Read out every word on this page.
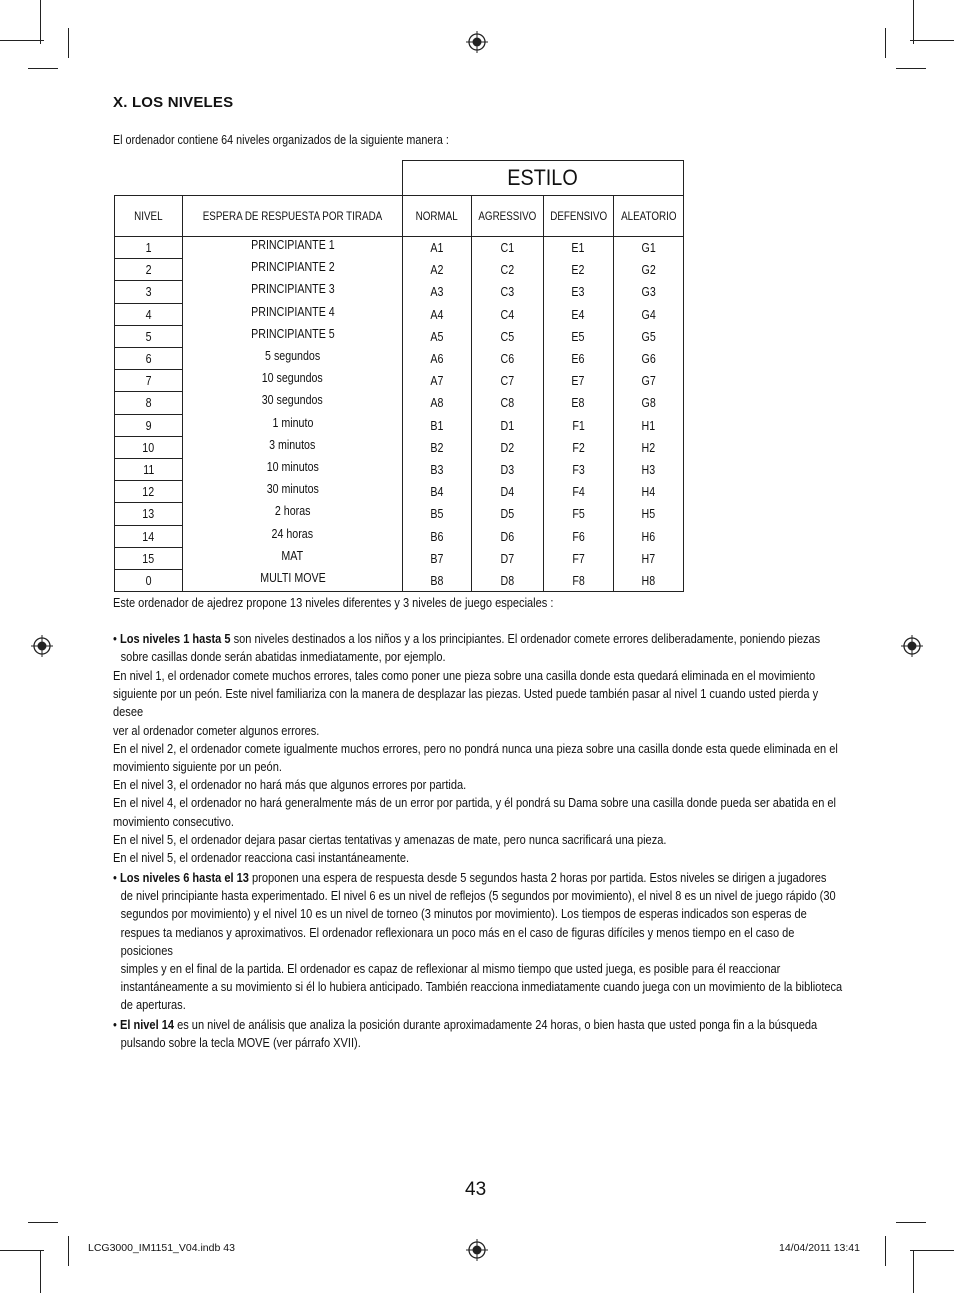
X. LOS NIVELES
El ordenador contiene 64 niveles organizados de la siguiente manera :
		ESTILO			
NIVEL	ESPERA DE RESPUESTA POR TIRADA	NORMAL	AGRESSIVO	DEFENSIVO	ALEATORIO
1	PRINCIPIANTE 1	A1	C1	E1	G1
2	PRINCIPIANTE 2	A2	C2	E2	G2
3	PRINCIPIANTE 3	A3	C3	E3	G3
4	PRINCIPIANTE 4	A4	C4	E4	G4
5	PRINCIPIANTE 5	A5	C5	E5	G5
6	5 segundos	A6	C6	E6	G6
7	10 segundos	A7	C7	E7	G7
8	30 segundos	A8	C8	E8	G8
9	1 minuto	B1	D1	F1	H1
10	3 minutos	B2	D2	F2	H2
11	10 minutos	B3	D3	F3	H3
12	30 minutos	B4	D4	F4	H4
13	2 horas	B5	D5	F5	H5
14	24 horas	B6	D6	F6	H6
15	MAT	B7	D7	F7	H7
0	MULTI MOVE	B8	D8	F8	H8
Este ordenador de ajedrez propone 13 niveles diferentes y 3 niveles de juego especiales :
• Los niveles 1 hasta 5 son niveles destinados a los niños y a los principiantes. El ordenador comete errores deliberadamente, poniendo piezas
sobre casillas donde serán abatidas inmediatamente, por ejemplo.
En nivel 1, el ordenador comete muchos errores, tales como poner une pieza sobre una casilla donde esta quedará eliminada en el movimiento
siguiente por un peón. Este nivel familiariza con la manera de desplazar las piezas. Usted puede también pasar al nivel 1 cuando usted pierda y desee
ver al ordenador cometer algunos errores.
En el nivel 2, el ordenador comete igualmente muchos errores, pero no pondrá nunca una pieza sobre una casilla donde esta quede eliminada en el
movimiento siguiente por un peón.
En el nivel 3, el ordenador no hará más que algunos errores por partida.
En el nivel 4, el ordenador no hará generalmente más de un error por partida, y él pondrá su Dama sobre una casilla donde pueda ser abatida en el
movimiento consecutivo.
En el nivel 5, el ordenador dejara pasar ciertas tentativas y amenazas de mate, pero nunca sacrificará una pieza.
En el nivel 5, el ordenador reacciona casi instantáneamente.
• Los niveles 6 hasta el 13 proponen una espera de respuesta desde 5 segundos hasta 2 horas por partida. Estos niveles se dirigen a jugadores
de nivel principiante hasta experimentado. El nivel 6 es un nivel de reflejos (5 segundos por movimiento), el nivel 8 es un nivel de juego rápido (30
segundos por movimiento) y el nivel 10 es un nivel de torneo (3 minutos por movimiento). Los tiempos de esperas indicados son esperas de
respues ta medianos y aproximativos. El ordenador reflexionara un poco más en el caso de figuras difíciles y menos tiempo en el caso de posiciones
simples y en el final de la partida. El ordenador es capaz de reflexionar al mismo tiempo que usted juega, es posible para él reaccionar
instantáneamente a su movimiento si él lo hubiera anticipado. También reacciona inmediatamente cuando juega con un movimiento de la biblioteca
de aperturas.
• El nivel 14 es un nivel de análisis que analiza la posición durante aproximadamente 24 horas, o bien hasta que usted ponga fin a la búsqueda
pulsando sobre la tecla MOVE (ver párrafo XVII).
43
LCG3000_IM1151_V04.indb 43	14/04/2011 13:41
